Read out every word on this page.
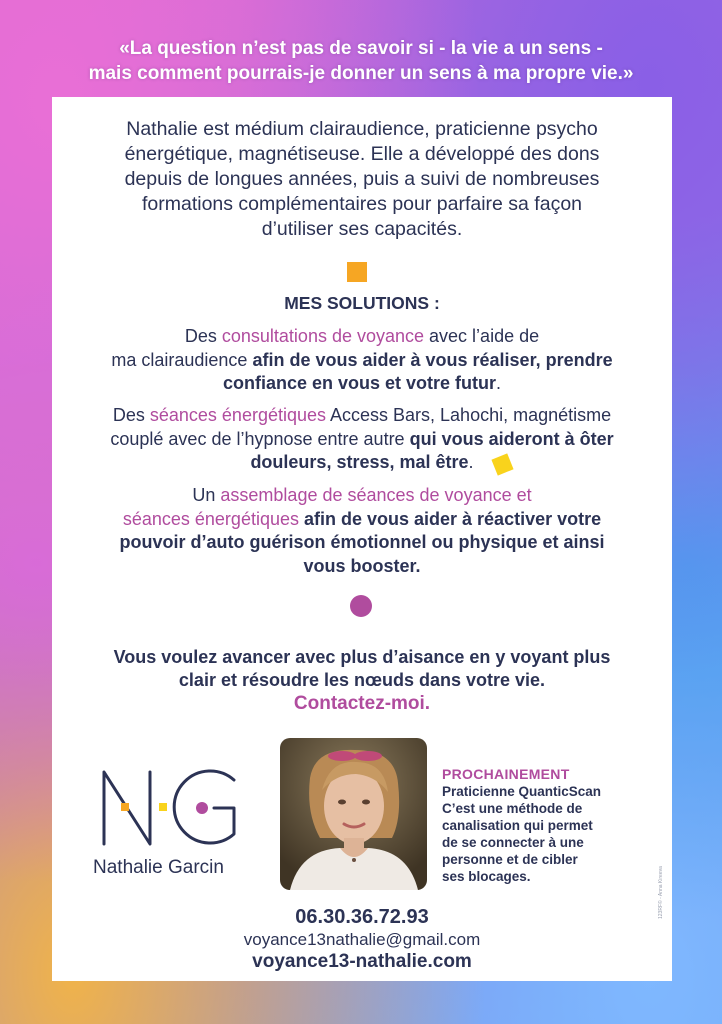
«La question n’est pas de savoir si - la vie a un sens -
mais comment pourrais-je donner un sens à ma propre vie.»
Nathalie est médium clairaudience, praticienne psycho
énergétique, magnétiseuse. Elle a développé des dons
depuis de longues années, puis a suivi de nombreuses
formations complémentaires pour parfaire sa façon
d’utiliser ses capacités.
MES SOLUTIONS :
Des consultations de voyance avec l’aide de
ma clairaudience afin de vous aider à vous réaliser, prendre
confiance en vous et votre futur.
Des séances énergétiques Access Bars, Lahochi, magnétisme
couplé avec de l’hypnose entre autre qui vous aideront à ôter
douleurs, stress, mal être.
Un assemblage de séances de voyance et
séances énergétiques afin de vous aider à réactiver votre
pouvoir d’auto guérison émotionnel ou physique et ainsi
vous booster.
Vous voulez avancer avec plus d’aisance en y voyant plus
clair et résoudre les nœuds dans votre vie.
Contactez-moi.
Nathalie Garcin
PROCHAINEMENT
Praticienne QuanticScan
C’est une méthode de
canalisation qui permet
de se connecter à une
personne et de cibler
ses blocages.
06.30.36.72.93
voyance13nathalie@gmail.com
voyance13-nathalie.com
123RF© - Anna Kireeva
